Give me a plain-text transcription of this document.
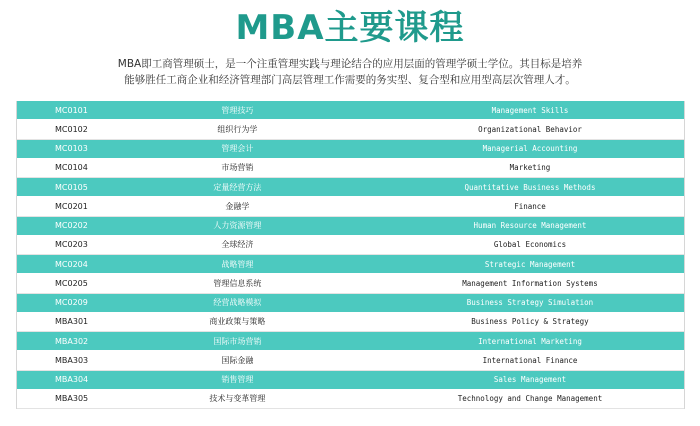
MBA主要课程

MBA即工商管理硕士，是一个注重管理实践与理论结合的应用层面的管理学硕士学位。其目标是培养

能够胜任工商企业和经济管理部门高层管理工作需要的务实型、复合型和应用型高层次管理人才。

MC0101	管理技巧	Management Skills
MC0102	组织行为学	Organizational Behavior
MC0103	管理会计	Managerial Accounting
MC0104	市场营销	Marketing
MC0105	定量经营方法	Quantitative Business Methods
MC0201	金融学	Finance
MC0202	人力资源管理	Human Resource Management
MC0203	全球经济	Global Economics
MC0204	战略管理	Strategic Management
MC0205	管理信息系统	Management Information Systems
MC0209	经营战略模拟	Business Strategy Simulation
MBA301	商业政策与策略	Business Policy & Strategy
MBA302	国际市场营销	International Marketing
MBA303	国际金融	International Finance
MBA304	销售管理	Sales Management
MBA305	技术与变革管理	Technology and Change Management
